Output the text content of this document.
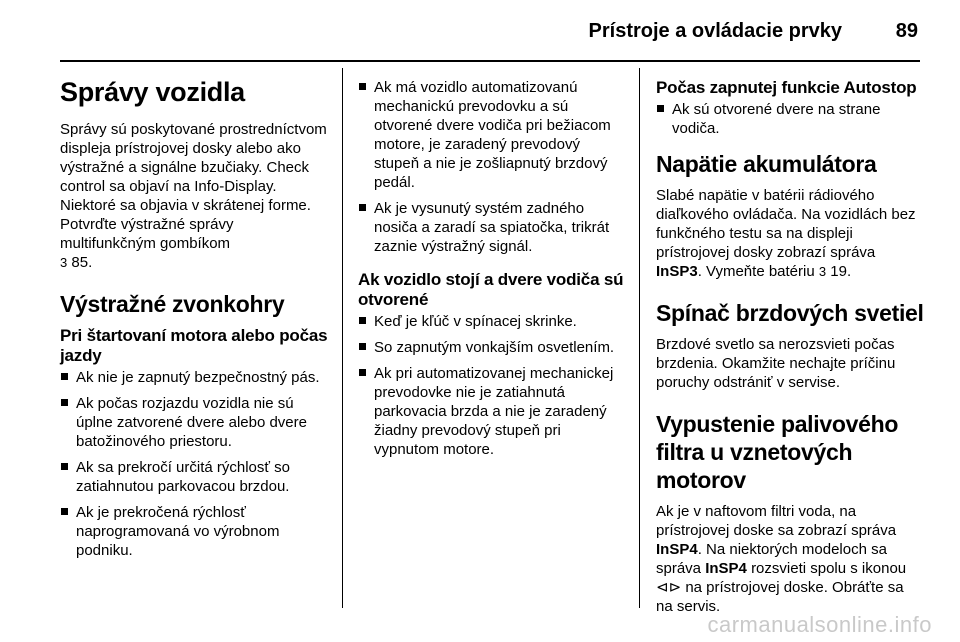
Prístroje a ovládacie prvky	89
Správy vozidla

Správy sú poskytované prostredníctvom displeja prístrojovej dosky alebo ako výstražné a signálne bzučiaky. Check control sa objaví na Info-Display. Niektoré sa objavia v skrátenej forme. Potvrďte výstražné správy multifunkčným gombíkom
3 85.

Výstražné zvonkohry
Pri štartovaní motora alebo počas jazdy
Ak nie je zapnutý bezpečnostný pás.
Ak počas rozjazdu vozidla nie sú úplne zatvorené dvere alebo dvere batožinového priestoru.
Ak sa prekročí určitá rýchlosť so zatiahnutou parkovacou brzdou.
Ak je prekročená rýchlosť naprogramovaná vo výrobnom podniku.
Ak má vozidlo automatizovanú mechanickú prevodovku a sú otvorené dvere vodiča pri bežiacom motore, je zaradený prevodový stupeň a nie je zošliapnutý brzdový pedál.
Ak je vysunutý systém zadného nosiča a zaradí sa spiatočka, trikrát zaznie výstražný signál.
Ak vozidlo stojí a dvere vodiča sú otvorené
Keď je kľúč v spínacej skrinke.
So zapnutým vonkajším osvetlením.
Ak pri automatizovanej mechanickej prevodovke nie je zatiahnutá parkovacia brzda a nie je zaradený žiadny prevodový stupeň pri vypnutom motore.
Počas zapnutej funkcie Autostop
Ak sú otvorené dvere na strane vodiča.
Napätie akumulátora

Slabé napätie v batérii rádiového diaľkového ovládača. Na vozidlách bez funkčného testu sa na displeji prístrojovej dosky zobrazí správa InSP3. Vymeňte batériu 3 19.

Spínač brzdových svetiel

Brzdové svetlo sa nerozsvieti počas brzdenia. Okamžite nechajte príčinu poruchy odstrániť v servise.

Vypustenie palivového filtra u vznetových motorov

Ak je v naftovom filtri voda, na prístrojovej doske sa zobrazí správa InSP4. Na niektorých modeloch sa správa InSP4 rozsvieti spolu s ikonou ⊲⊳ na prístrojovej doske. Obráťte sa na servis.

carmanualsonline.info
